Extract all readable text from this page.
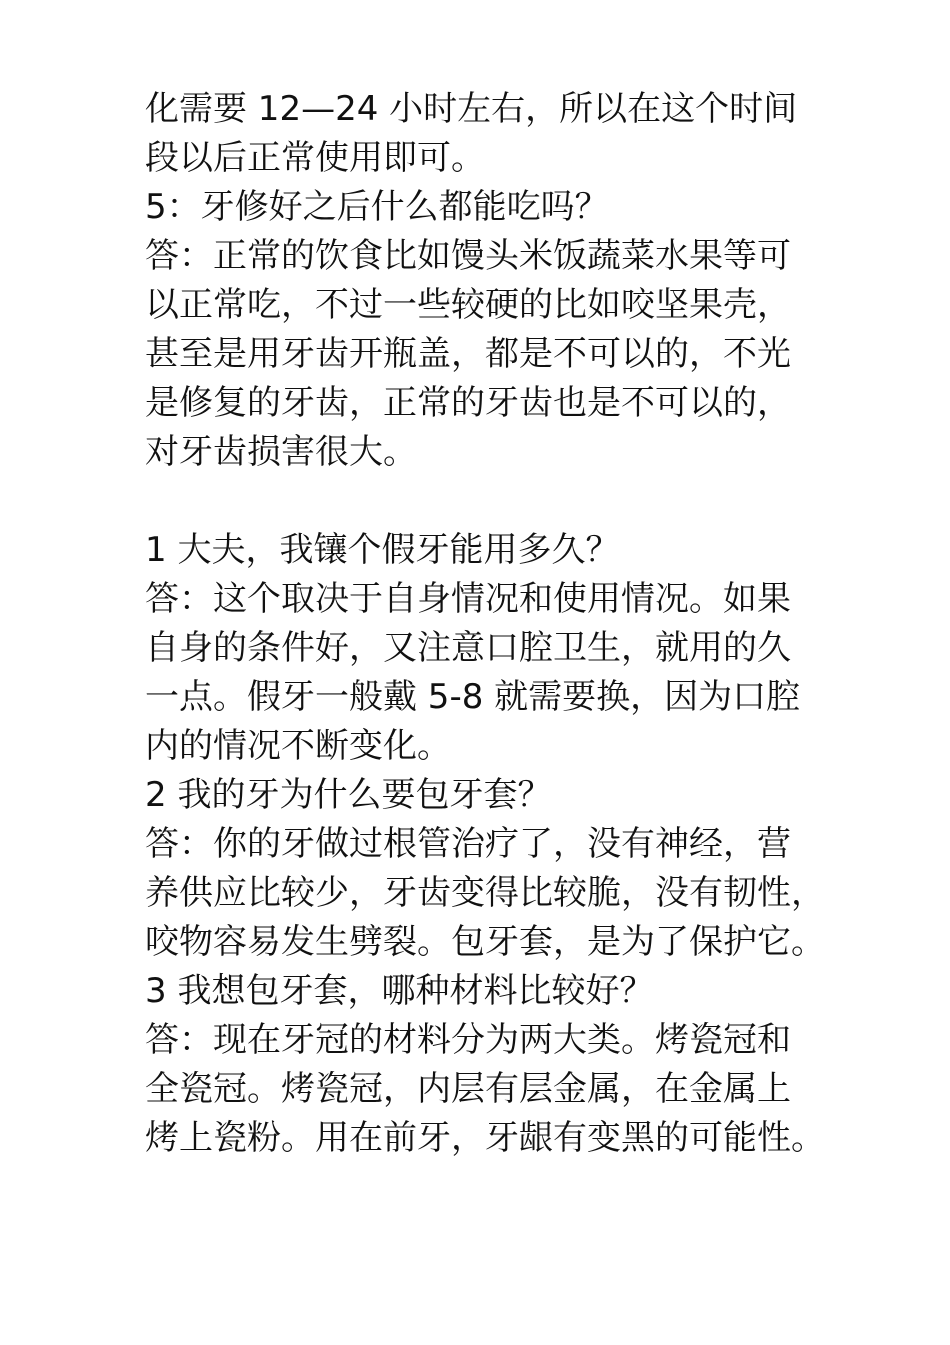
化需要 12—24 小时左右，所以在这个时间
段以后正常使用即可。
5：牙修好之后什么都能吃吗？
答：正常的饮食比如馒头米饭蔬菜水果等可
以正常吃，不过一些较硬的比如咬坚果壳，
甚至是用牙齿开瓶盖，都是不可以的，不光
是修复的牙齿，正常的牙齿也是不可以的，
对牙齿损害很大。
1 大夫，我镶个假牙能用多久？
答：这个取决于自身情况和使用情况。如果
自身的条件好，又注意口腔卫生，就用的久
一点。假牙一般戴 5-8 就需要换，因为口腔
内的情况不断变化。
2 我的牙为什么要包牙套？
答：你的牙做过根管治疗了，没有神经，营
养供应比较少，牙齿变得比较脆，没有韧性，
咬物容易发生劈裂。包牙套，是为了保护它。
3 我想包牙套，哪种材料比较好？
答：现在牙冠的材料分为两大类。烤瓷冠和
全瓷冠。烤瓷冠，内层有层金属，在金属上
烤上瓷粉。用在前牙，牙龈有变黑的可能性。
